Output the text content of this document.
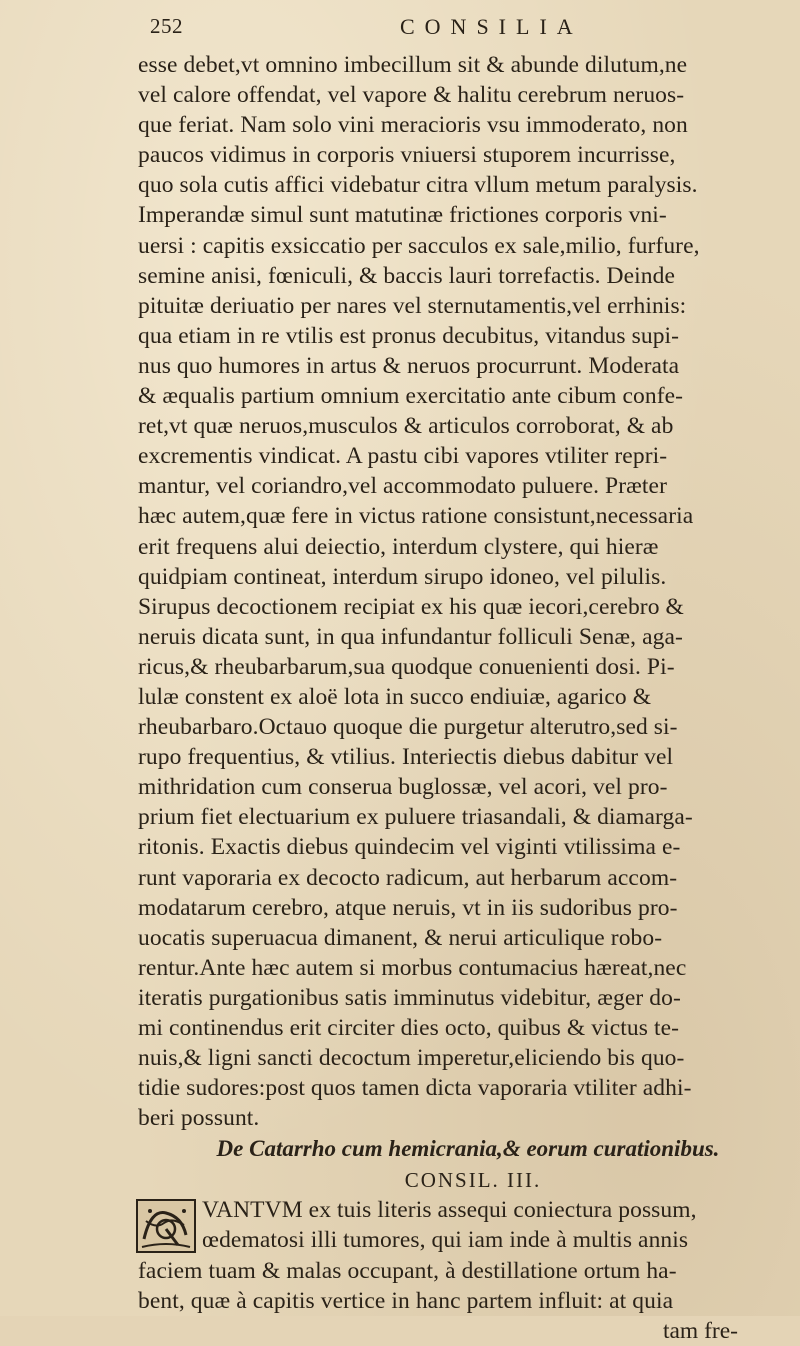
252	CONSILIA
esse debet,vt omnino imbecillum sit & abunde dilutum,ne
vel calore offendat, vel vapore & halitu cerebrum neruos-
que feriat. Nam solo vini meracioris vsu immoderato, non
paucos vidimus in corporis vniuersi stuporem incurrisse,
quo sola cutis affici videbatur citra vllum metum paralysis.
Imperandæ simul sunt matutinæ frictiones corporis vni-
uersi : capitis exsiccatio per sacculos ex sale,milio, furfure,
semine anisi, fœniculi, & baccis lauri torrefactis. Deinde
pituitæ deriuatio per nares vel sternutamentis,vel errhinis:
qua etiam in re vtilis est pronus decubitus, vitandus supi-
nus quo humores in artus & neruos procurrunt. Moderata
& æqualis partium omnium exercitatio ante cibum confe-
ret,vt quæ neruos,musculos & articulos corroborat, & ab
excrementis vindicat. A pastu cibi vapores vtiliter repri-
mantur, vel coriandro,vel accommodato puluere. Præter
hæc autem,quæ fere in victus ratione consistunt,necessaria
erit frequens alui deiectio, interdum clystere, qui hieræ
quidpiam contineat, interdum sirupo idoneo, vel pilulis.
Sirupus decoctionem recipiat ex his quæ iecori,cerebro &
neruis dicata sunt, in qua infundantur folliculi Senæ, aga-
ricus,& rheubarbarum,sua quodque conuenienti dosi. Pi-
lulæ constent ex aloë lota in succo endiuiæ, agarico &
rheubarbaro.Octauo quoque die purgetur alterutro,sed si-
rupo frequentius, & vtilius. Interiectis diebus dabitur vel
mithridation cum conserua buglossæ, vel acori, vel pro-
prium fiet electuarium ex puluere triasandali, & diamarga-
ritonis. Exactis diebus quindecim vel viginti vtilissima e-
runt vaporaria ex decocto radicum, aut herbarum accom-
modatarum cerebro, atque neruis, vt in iis sudoribus pro-
uocatis superuacua dimanent, & nerui articulique robo-
rentur.Ante hæc autem si morbus contumacius hæreat,nec
iteratis purgationibus satis imminutus videbitur, æger do-
mi continendus erit circiter dies octo, quibus & victus te-
nuis,& ligni sancti decoctum imperetur,eliciendo bis quo-
tidie sudores:post quos tamen dicta vaporaria vtiliter adhi-
beri possunt.
De Catarrho cum hemicrania,& eorum curationibus.
CONSIL. III.
VANTVM ex tuis literis assequi coniectura possum,
œdematosi illi tumores, qui iam inde à multis annis
faciem tuam & malas occupant, à destillatione ortum ha-
bent, quæ à capitis vertice in hanc partem influit: at quia
tam fre-
